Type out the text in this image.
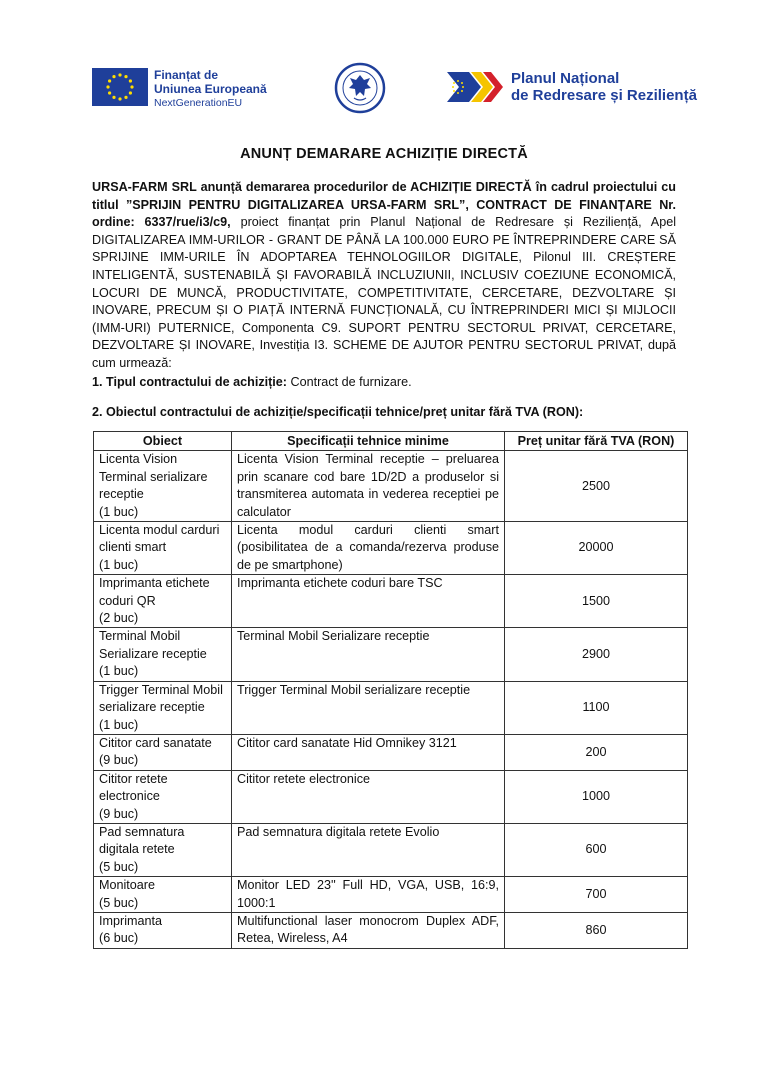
Finanțat de
Uniunea Europeană
NextGenerationEU
Planul Național
de Redresare și Reziliență
ANUNȚ DEMARARE ACHIZIȚIE DIRECTĂ
URSA-FARM SRL anunță demararea procedurilor de ACHIZIȚIE DIRECTĂ în cadrul proiectului cu titlul ”SPRIJIN PENTRU DIGITALIZAREA URSA-FARM SRL”, CONTRACT DE FINANȚARE Nr. ordine: 6337/rue/i3/c9, proiect finanțat prin Planul Național de Redresare și Reziliență, Apel DIGITALIZAREA IMM-URILOR - GRANT DE PÂNĂ LA 100.000 EURO PE ÎNTREPRINDERE CARE SĂ SPRIJINE IMM-URILE ÎN ADOPTAREA TEHNOLOGIILOR DIGITALE, Pilonul III. CREȘTERE INTELIGENTĂ, SUSTENABILĂ ȘI FAVORABILĂ INCLUZIUNII, INCLUSIV COEZIUNE ECONOMICĂ, LOCURI DE MUNCĂ, PRODUCTIVITATE, COMPETITIVITATE, CERCETARE, DEZVOLTARE ȘI INOVARE, PRECUM ȘI O PIAȚĂ INTERNĂ FUNCȚIONALĂ, CU ÎNTREPRINDERI MICI ȘI MIJLOCII (IMM-URI) PUTERNICE, Componenta C9. SUPORT PENTRU SECTORUL PRIVAT, CERCETARE, DEZVOLTARE ȘI INOVARE, Investiția I3. SCHEME DE AJUTOR PENTRU SECTORUL PRIVAT, după cum urmează:
1. Tipul contractului de achiziție: Contract de furnizare.
2. Obiectul contractului de achiziție/specificații tehnice/preț unitar fără TVA (RON):
Obiect	Specificații tehnice minime	Preț unitar fără TVA (RON)
Licenta Vision Terminal serializare receptie
(1 buc)	Licenta Vision Terminal receptie – preluarea prin scanare cod bare 1D/2D a produselor si transmiterea automata in vederea receptiei pe calculator	2500
Licenta modul carduri clienti smart
(1 buc)	Licenta modul carduri clienti smart (posibilitatea de a comanda/rezerva produse de pe smartphone)	20000
Imprimanta etichete coduri QR
(2 buc)	Imprimanta etichete coduri bare TSC	1500
Terminal Mobil Serializare receptie
(1 buc)	Terminal Mobil Serializare receptie	2900
Trigger Terminal Mobil serializare receptie
(1 buc)	Trigger Terminal Mobil serializare receptie	1100
Cititor card sanatate
(9 buc)	Cititor card sanatate Hid Omnikey 3121	200
Cititor retete electronice
(9 buc)	Cititor retete electronice	1000
Pad semnatura digitala retete
(5 buc)	Pad semnatura digitala retete Evolio	600
Monitoare
(5 buc)	Monitor LED 23'' Full HD, VGA, USB, 16:9, 1000:1	700
Imprimanta
(6 buc)	Multifunctional laser monocrom Duplex ADF, Retea, Wireless, A4	860
